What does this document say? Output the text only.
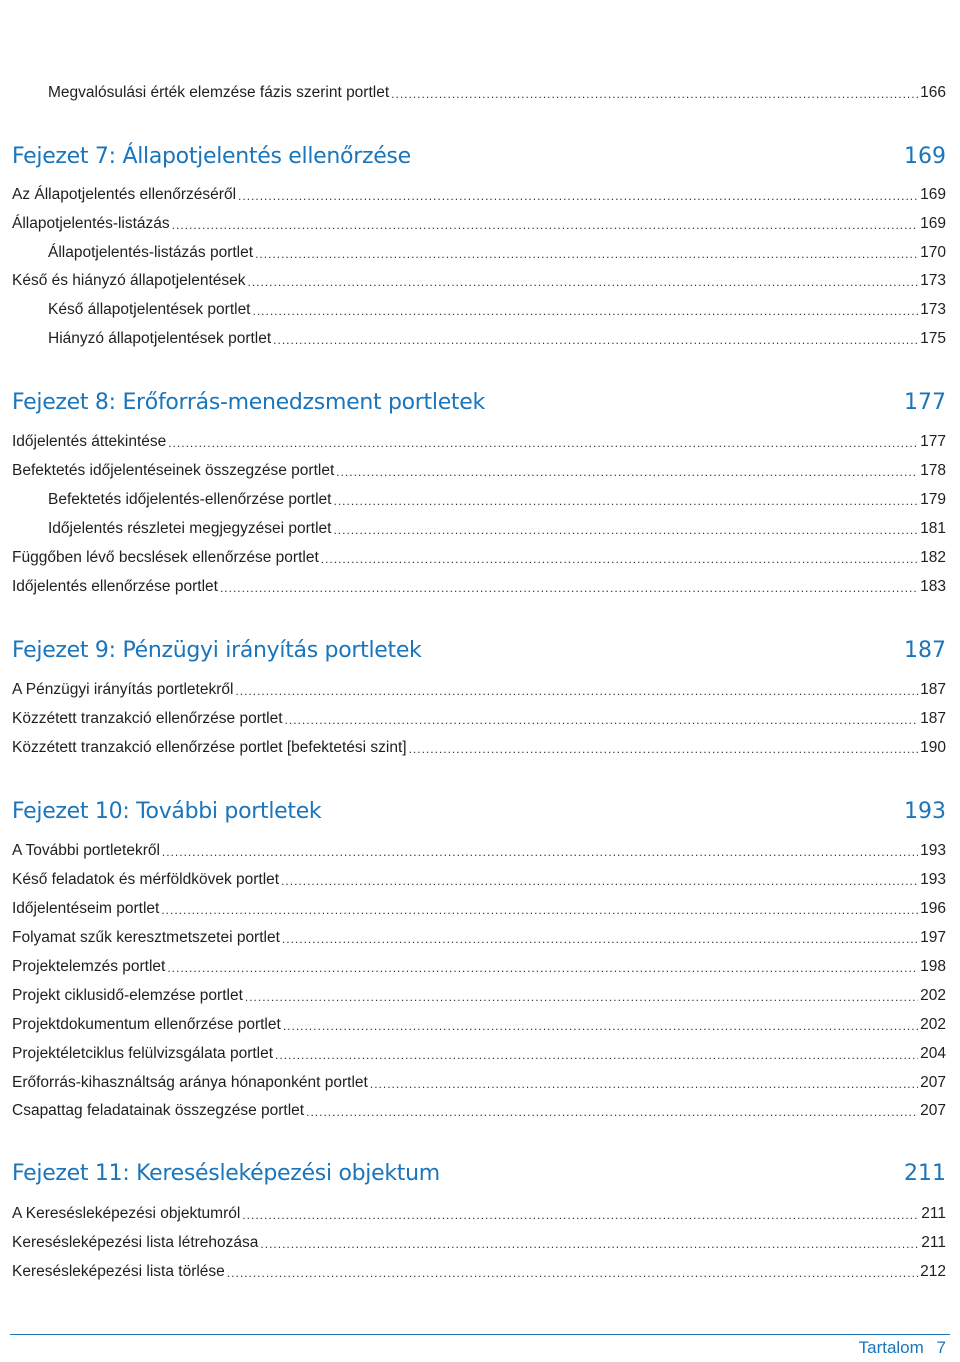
Megvalósulási érték elemzése fázis szerint portlet .....	166
Fejezet 7: Állapotjelentés ellenőrzése	169
Az Állapotjelentés ellenőrzéséről .....	169
Állapotjelentés-listázás .....	169
Állapotjelentés-listázás portlet .....	170
Késő és hiányzó állapotjelentések .....	173
Késő állapotjelentések portlet .....	173
Hiányzó állapotjelentések portlet .....	175
Fejezet 8: Erőforrás-menedzsment portletek	177
Időjelentés áttekintése .....	177
Befektetés időjelentéseinek összegzése portlet .....	178
Befektetés időjelentés-ellenőrzése portlet .....	179
Időjelentés részletei megjegyzései portlet .....	181
Függőben lévő becslések ellenőrzése portlet .....	182
Időjelentés ellenőrzése portlet .....	183
Fejezet 9: Pénzügyi irányítás portletek	187
A Pénzügyi irányítás portletekről .....	187
Közzétett tranzakció ellenőrzése portlet .....	187
Közzétett tranzakció ellenőrzése portlet [befektetési szint] .....	190
Fejezet 10: További portletek	193
A További portletekről .....	193
Késő feladatok és mérföldkövek portlet .....	193
Időjelentéseim portlet .....	196
Folyamat szűk keresztmetszetei portlet .....	197
Projektelemzés portlet .....	198
Projekt ciklusidő-elemzése portlet .....	202
Projektdokumentum ellenőrzése portlet .....	202
Projektéletciklus felülvizsgálata portlet .....	204
Erőforrás-kihasználtság aránya hónaponként portlet .....	207
Csapattag feladatainak összegzése portlet .....	207
Fejezet 11: Keresésleképezési objektum	211
A Keresésleképezési objektumról .....	211
Keresésleképezési lista létrehozása .....	211
Keresésleképezési lista törlése .....	212
Tartalom 7
